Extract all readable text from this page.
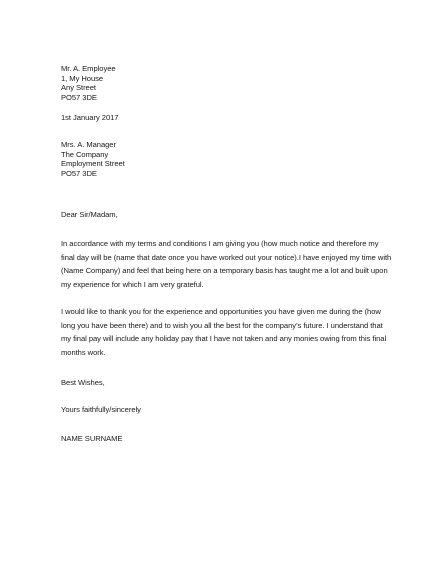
Mr. A. Employee
1, My House
Any Street
PO57 3DE
1st January 2017
Mrs. A. Manager
The Company
Employment Street
PO57 3DE
Dear Sir/Madam,
In accordance with my terms and conditions I am giving you (how much notice and therefore my
final day will be (name that date once you have worked out your notice).I have enjoyed my time with
(Name Company) and feel that being here on a temporary basis has taught me a lot and built upon
my experience for which I am very grateful.
I would like to thank you for the experience and opportunities you have given me during the (how
long you have been there) and to wish you all the best for the company’s future. I understand that
my final pay will include any holiday pay that I have not taken and any monies owing from this final
months work.
Best Wishes,
Yours faithfully/sincerely
NAME SURNAME
